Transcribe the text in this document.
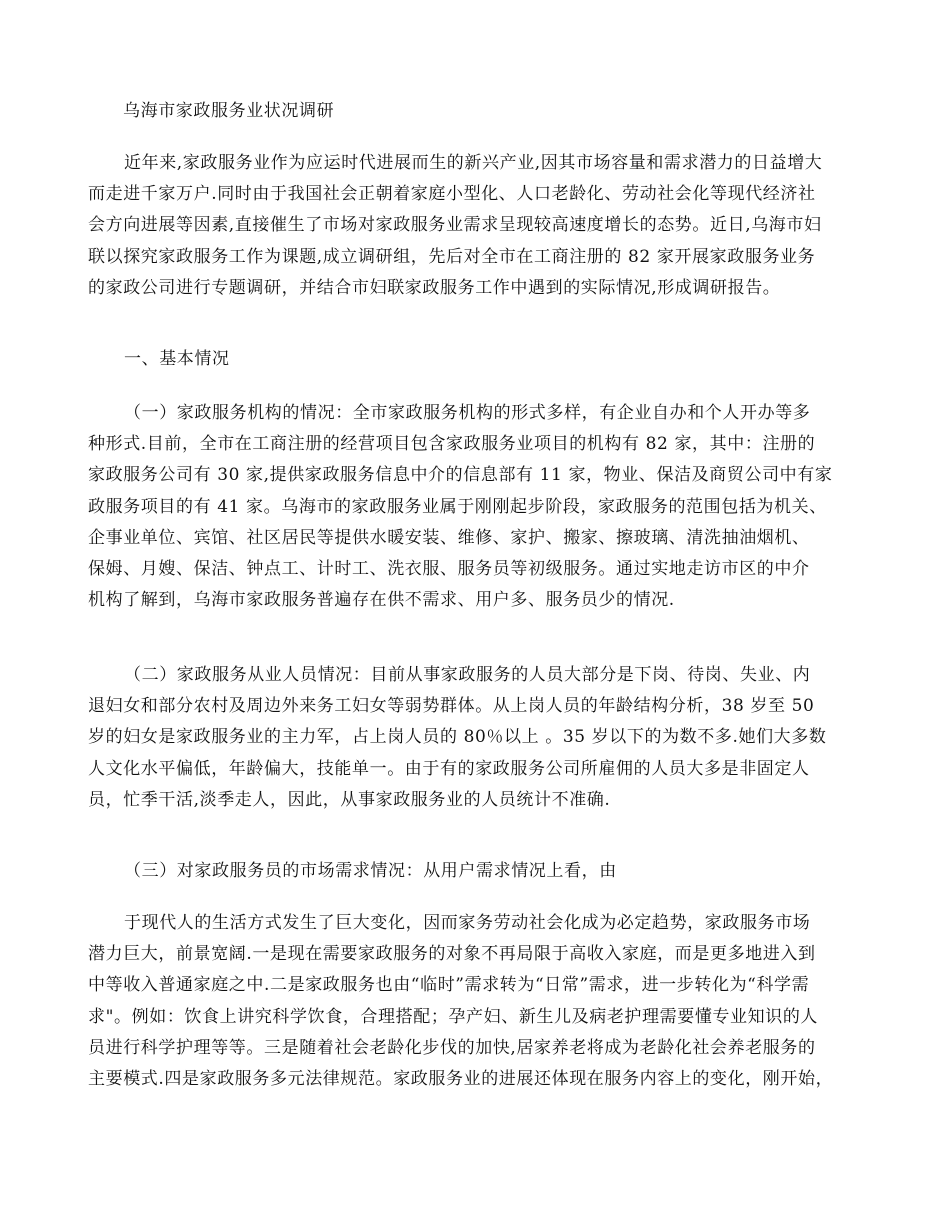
乌海市家政服务业状况调研

近年来,家政服务业作为应运时代进展而生的新兴产业,因其市场容量和需求潜力的日益增大
而走进千家万户.同时由于我国社会正朝着家庭小型化、人口老龄化、劳动社会化等现代经济社
会方向进展等因素,直接催生了市场对家政服务业需求呈现较高速度增长的态势。近日,乌海市妇
联以探究家政服务工作为课题,成立调研组，先后对全市在工商注册的 82 家开展家政服务业务
的家政公司进行专题调研，并结合市妇联家政服务工作中遇到的实际情况,形成调研报告。

一、基本情况

（一）家政服务机构的情况：全市家政服务机构的形式多样，有企业自办和个人开办等多
种形式.目前，全市在工商注册的经营项目包含家政服务业项目的机构有 82 家，其中：注册的
家政服务公司有 30 家,提供家政服务信息中介的信息部有 11 家，物业、保洁及商贸公司中有家
政服务项目的有 41 家。乌海市的家政服务业属于刚刚起步阶段，家政服务的范围包括为机关、
企事业单位、宾馆、社区居民等提供水暖安装、维修、家护、搬家、擦玻璃、清洗抽油烟机、
保姆、月嫂、保洁、钟点工、计时工、洗衣服、服务员等初级服务。通过实地走访市区的中介
机构了解到，乌海市家政服务普遍存在供不需求、用户多、服务员少的情况.

（二）家政服务从业人员情况：目前从事家政服务的人员大部分是下岗、待岗、失业、内
退妇女和部分农村及周边外来务工妇女等弱势群体。从上岗人员的年龄结构分析，38 岁至 50
岁的妇女是家政服务业的主力军，占上岗人员的 80％以上 。35 岁以下的为数不多.她们大多数
人文化水平偏低，年龄偏大，技能单一。由于有的家政服务公司所雇佣的人员大多是非固定人
员，忙季干活,淡季走人，因此，从事家政服务业的人员统计不准确.

（三）对家政服务员的市场需求情况：从用户需求情况上看，由

于现代人的生活方式发生了巨大变化，因而家务劳动社会化成为必定趋势，家政服务市场
潜力巨大，前景宽阔.一是现在需要家政服务的对象不再局限于高收入家庭，而是更多地进入到
中等收入普通家庭之中.二是家政服务也由“临时”需求转为“日常”需求，进一步转化为“科学需
求"。例如：饮食上讲究科学饮食，合理搭配；孕产妇、新生儿及病老护理需要懂专业知识的人
员进行科学护理等等。三是随着社会老龄化步伐的加快,居家养老将成为老龄化社会养老服务的
主要模式.四是家政服务多元法律规范。家政服务业的进展还体现在服务内容上的变化，刚开始，
